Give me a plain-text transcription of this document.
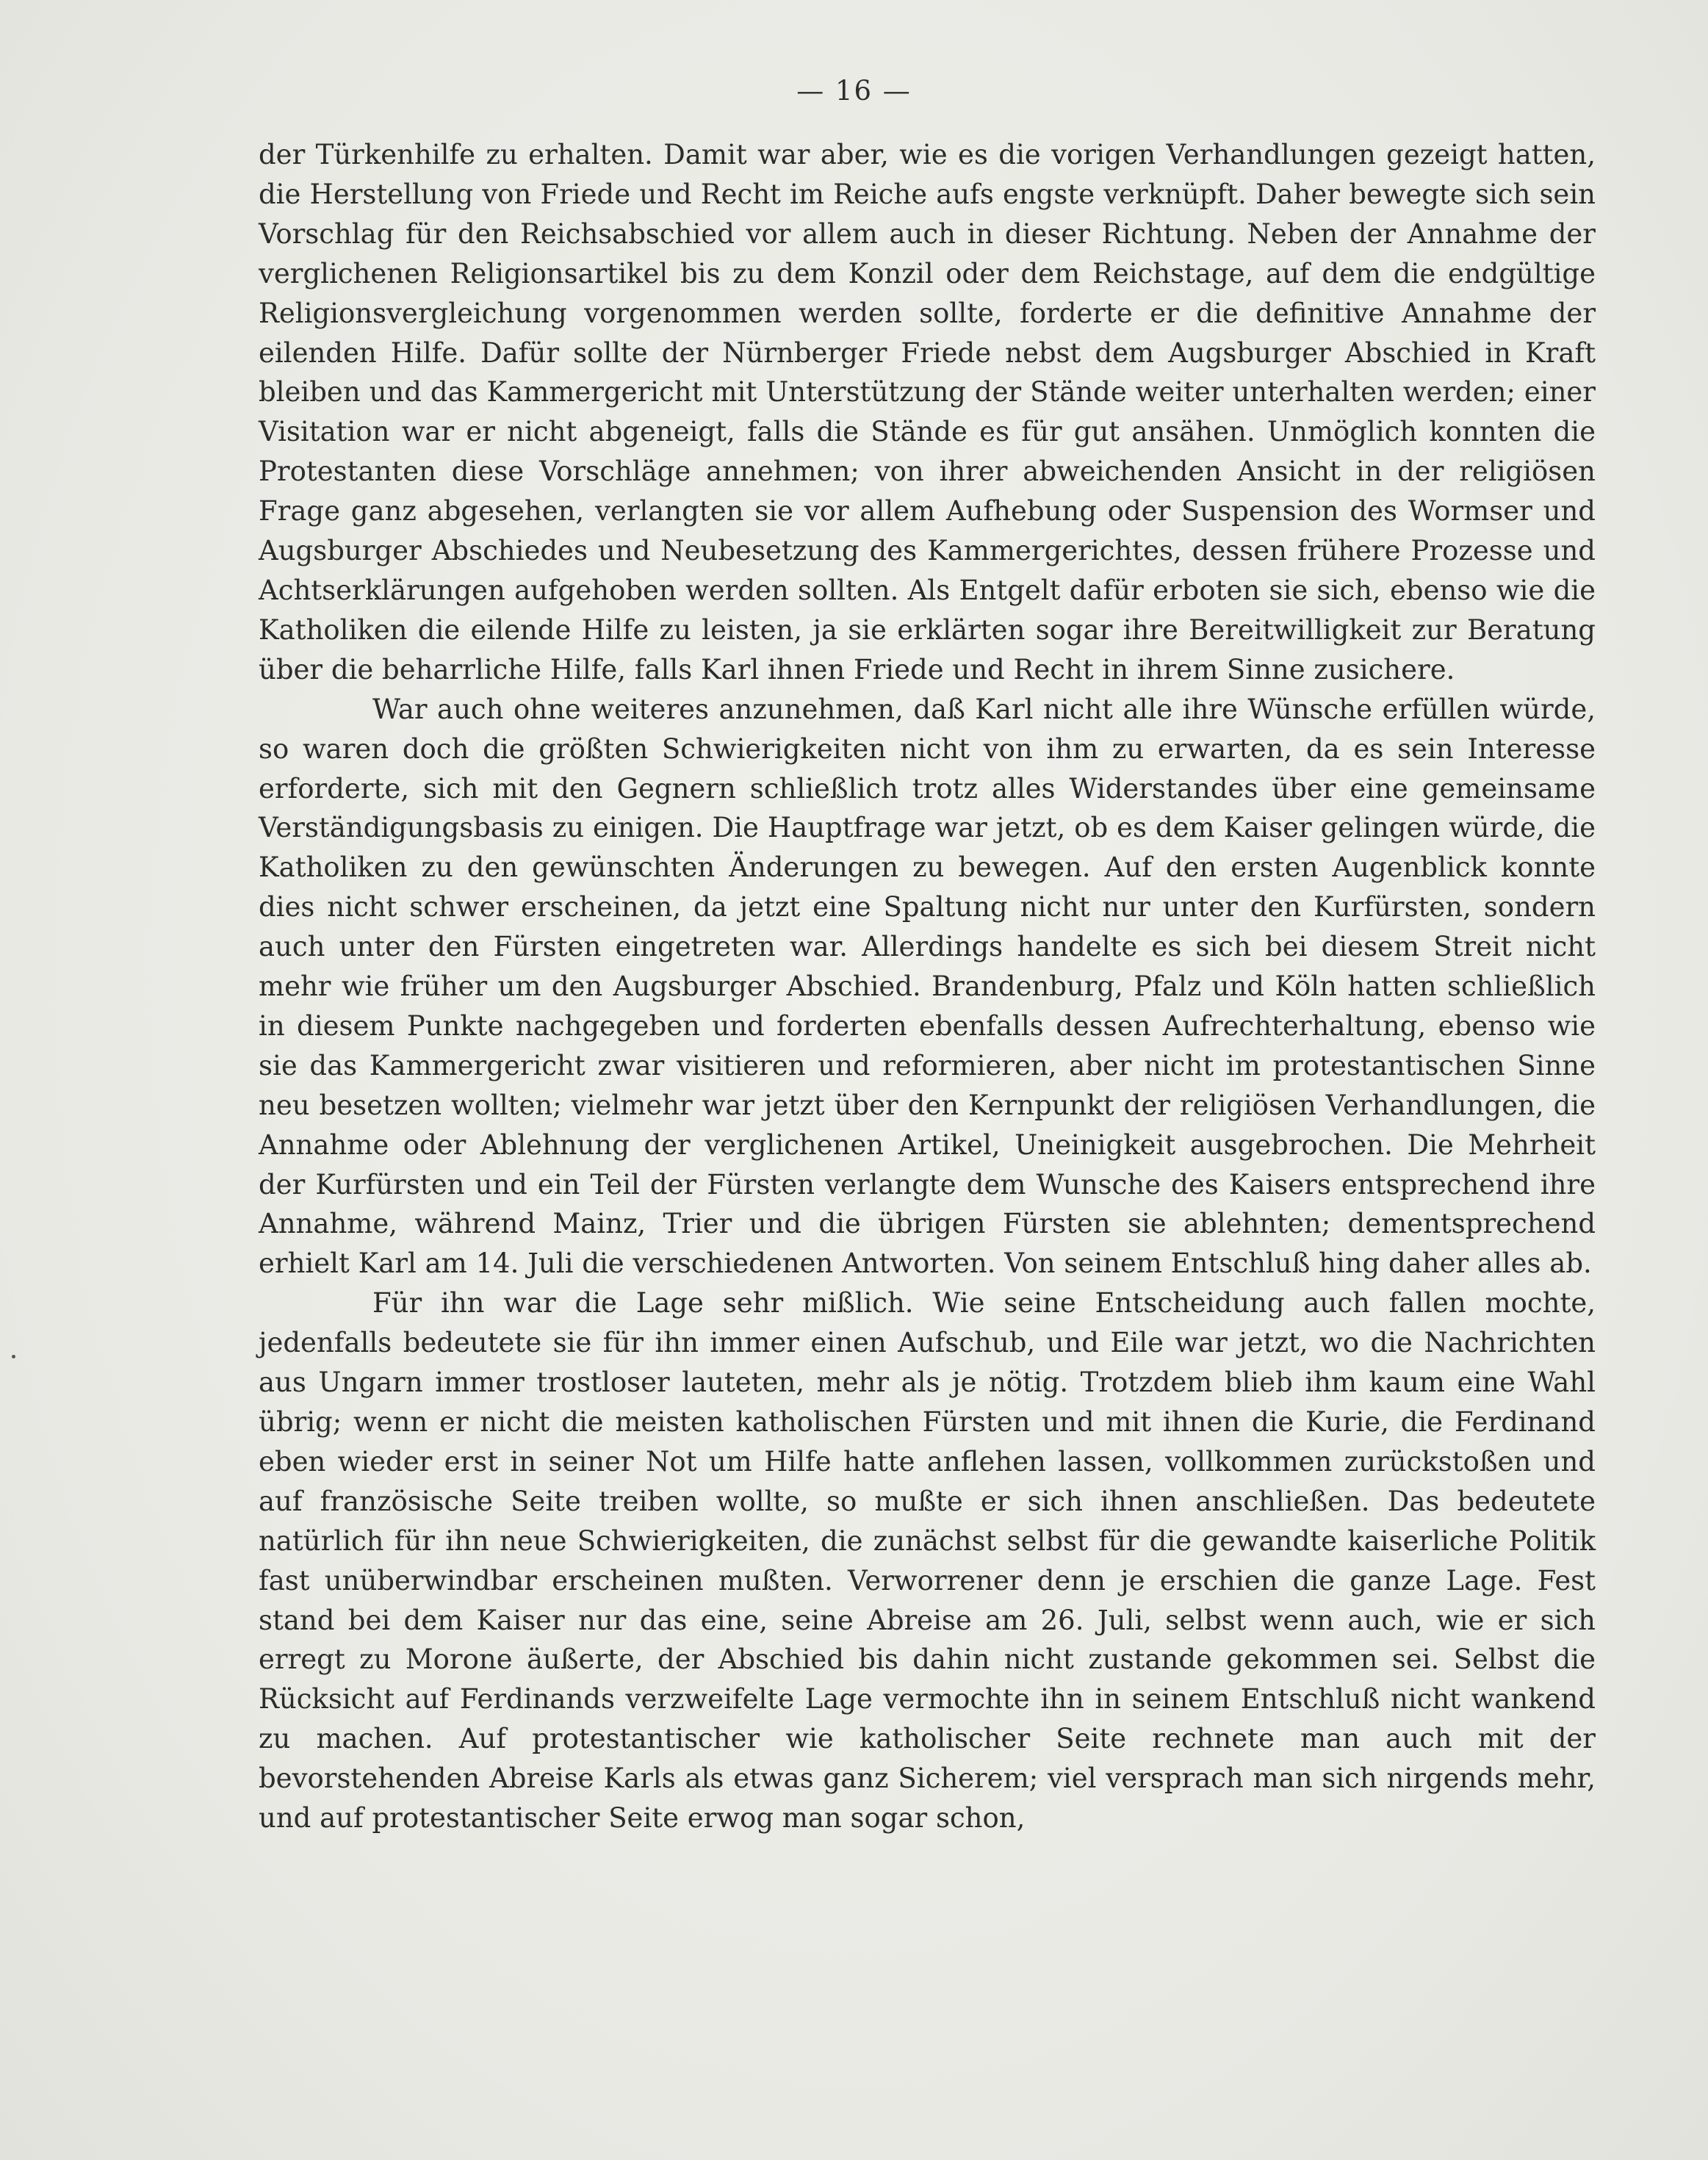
— 16 —

der Türkenhilfe zu erhalten. Damit war aber, wie es die vorigen Verhandlungen gezeigt hatten, die Herstellung von Friede und Recht im Reiche aufs engste verknüpft. Daher bewegte sich sein Vorschlag für den Reichsabschied vor allem auch in dieser Richtung. Neben der Annahme der verglichenen Religionsartikel bis zu dem Konzil oder dem Reichstage, auf dem die endgültige Religionsvergleichung vorgenommen werden sollte, forderte er die definitive Annahme der eilenden Hilfe. Dafür sollte der Nürnberger Friede nebst dem Augsburger Abschied in Kraft bleiben und das Kammergericht mit Unterstützung der Stände weiter unterhalten werden; einer Visitation war er nicht abgeneigt, falls die Stände es für gut ansähen. Unmöglich konnten die Protestanten diese Vorschläge annehmen; von ihrer abweichenden Ansicht in der religiösen Frage ganz abgesehen, verlangten sie vor allem Aufhebung oder Suspension des Wormser und Augsburger Abschiedes und Neubesetzung des Kammergerichtes, dessen frühere Prozesse und Achtserklärungen aufgehoben werden sollten. Als Entgelt dafür erboten sie sich, ebenso wie die Katholiken die eilende Hilfe zu leisten, ja sie erklärten sogar ihre Bereitwilligkeit zur Beratung über die beharrliche Hilfe, falls Karl ihnen Friede und Recht in ihrem Sinne zusichere.

War auch ohne weiteres anzunehmen, daß Karl nicht alle ihre Wünsche erfüllen würde, so waren doch die größten Schwierigkeiten nicht von ihm zu erwarten, da es sein Interesse erforderte, sich mit den Gegnern schließlich trotz alles Widerstandes über eine gemeinsame Verständigungsbasis zu einigen. Die Hauptfrage war jetzt, ob es dem Kaiser gelingen würde, die Katholiken zu den gewünschten Änderungen zu bewegen. Auf den ersten Augenblick konnte dies nicht schwer erscheinen, da jetzt eine Spaltung nicht nur unter den Kurfürsten, sondern auch unter den Fürsten eingetreten war. Allerdings handelte es sich bei diesem Streit nicht mehr wie früher um den Augsburger Abschied. Brandenburg, Pfalz und Köln hatten schließlich in diesem Punkte nachgegeben und forderten ebenfalls dessen Aufrechterhaltung, ebenso wie sie das Kammergericht zwar visitieren und reformieren, aber nicht im protestantischen Sinne neu besetzen wollten; vielmehr war jetzt über den Kernpunkt der religiösen Verhandlungen, die Annahme oder Ablehnung der verglichenen Artikel, Uneinigkeit ausgebrochen. Die Mehrheit der Kurfürsten und ein Teil der Fürsten verlangte dem Wunsche des Kaisers entsprechend ihre Annahme, während Mainz, Trier und die übrigen Fürsten sie ablehnten; dementsprechend erhielt Karl am 14. Juli die verschiedenen Antworten. Von seinem Entschluß hing daher alles ab.

Für ihn war die Lage sehr mißlich. Wie seine Entscheidung auch fallen mochte, jedenfalls bedeutete sie für ihn immer einen Aufschub, und Eile war jetzt, wo die Nachrichten aus Ungarn immer trostloser lauteten, mehr als je nötig. Trotzdem blieb ihm kaum eine Wahl übrig; wenn er nicht die meisten katholischen Fürsten und mit ihnen die Kurie, die Ferdinand eben wieder erst in seiner Not um Hilfe hatte anflehen lassen, vollkommen zurückstoßen und auf französische Seite treiben wollte, so mußte er sich ihnen anschließen. Das bedeutete natürlich für ihn neue Schwierigkeiten, die zunächst selbst für die gewandte kaiserliche Politik fast unüberwindbar erscheinen mußten. Verworrener denn je erschien die ganze Lage. Fest stand bei dem Kaiser nur das eine, seine Abreise am 26. Juli, selbst wenn auch, wie er sich erregt zu Morone äußerte, der Abschied bis dahin nicht zustande gekommen sei. Selbst die Rücksicht auf Ferdinands verzweifelte Lage vermochte ihn in seinem Entschluß nicht wankend zu machen. Auf protestantischer wie katholischer Seite rechnete man auch mit der bevorstehenden Abreise Karls als etwas ganz Sicherem; viel versprach man sich nirgends mehr, und auf protestantischer Seite erwog man sogar schon,
